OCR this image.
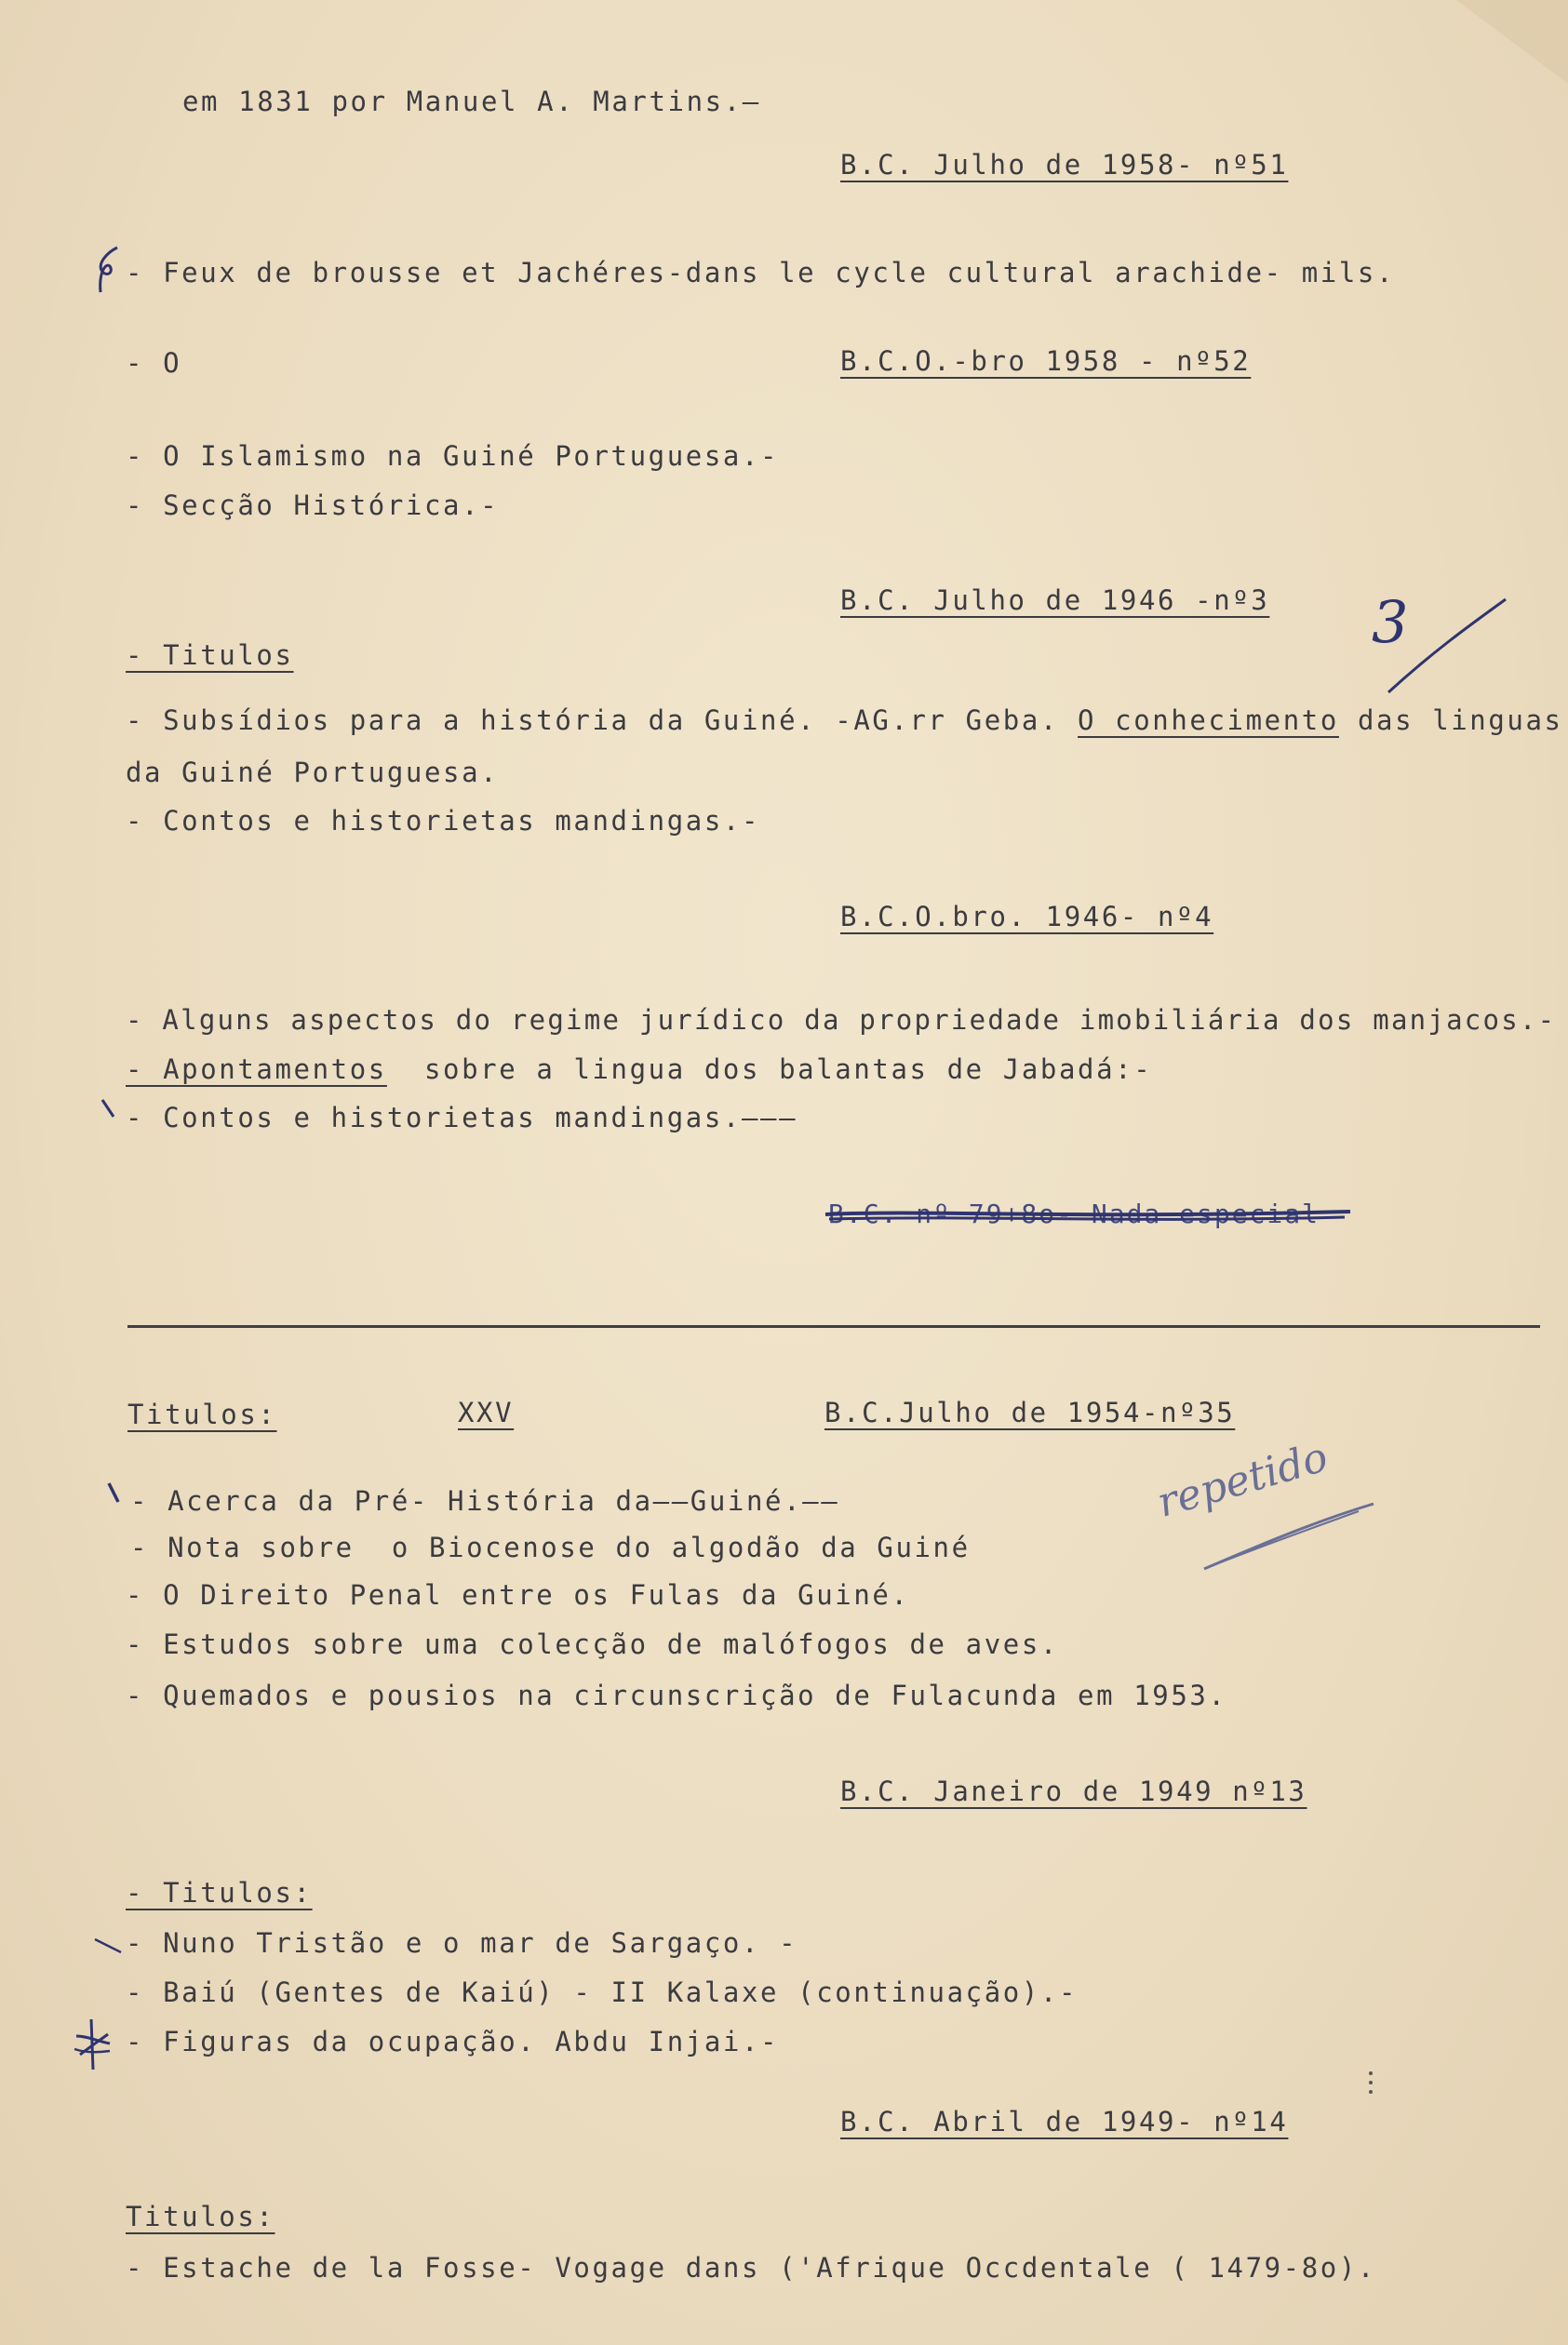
em 1831 por Manuel A. Martins.—
B.C. Julho de 1958- nº51
- Feux de brousse et Jachéres-dans le cycle cultural arachide- mils.
- O	B.C.O.-bro 1958 - nº52
- O Islamismo na Guiné Portuguesa.-
- Secção Histórica.-
B.C. Julho de 1946 -nº3
- Titulos
- Subsídios para a história da Guiné. -AG.rr Geba. O conhecimento das linguas
da Guiné Portuguesa.
- Contos e historietas mandingas.-
B.C.O.bro. 1946- nº4
- Alguns aspectos do regime jurídico da propriedade imobiliária dos manjacos.-
- Apontamentos  sobre a lingua dos balantas de Jabadá:-
- Contos e historietas mandingas.———
B.C. nº 79+8o- Nada especial
Titulos:	XXV	B.C.Julho de 1954-nº35
- Acerca da Pré- História da——Guiné.——
- Nota sobre  o Biocenose do algodão da Guiné
- O Direito Penal entre os Fulas da Guiné.
- Estudos sobre uma colecção de malófogos de aves.
- Quemados e pousios na circunscrição de Fulacunda em 1953.
B.C. Janeiro de 1949 nº13
- Titulos:
- Nuno Tristão e o mar de Sargaço. -
- Baiú (Gentes de Kaiú) - II Kalaxe (continuação).-
- Figuras da ocupação. Abdu Injai.-
B.C. Abril de 1949- nº14
Titulos:
- Estache de la Fosse- Vogage dans ('Afrique Occdentale ( 1479-8o).
3
repetido
